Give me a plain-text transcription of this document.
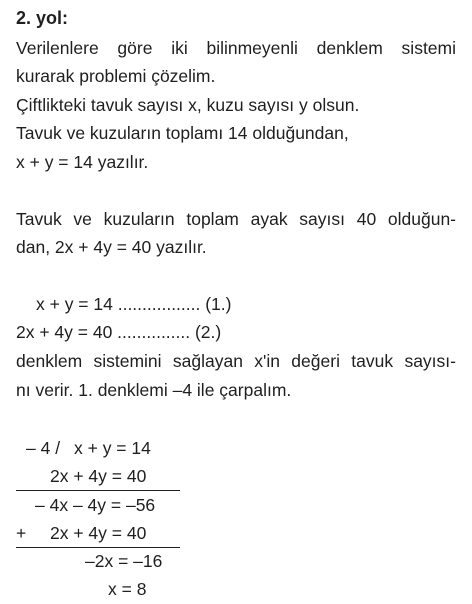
2. yol:
Verilenlere göre iki bilinmeyenli denklem sistemi
kurarak problemi çözelim.
Çiftlikteki tavuk sayısı x, kuzu sayısı y olsun.
Tavuk ve kuzuların toplamı 14 olduğundan,
x + y = 14 yazılır.
Tavuk ve kuzuların toplam ayak sayısı 40 olduğun-
dan, 2x + 4y = 40 yazılır.
x + y = 14 ................. (1.)
2x + 4y = 40 ............... (2.)
denklem sistemini sağlayan x'in değeri tavuk sayısı-
nı verir. 1. denklemi –4 ile çarpalım.
– 4 / x + y = 14
2x + 4y = 40
– 4x – 4y = –56
+ 2x + 4y = 40
–2x = –16
x = 8
